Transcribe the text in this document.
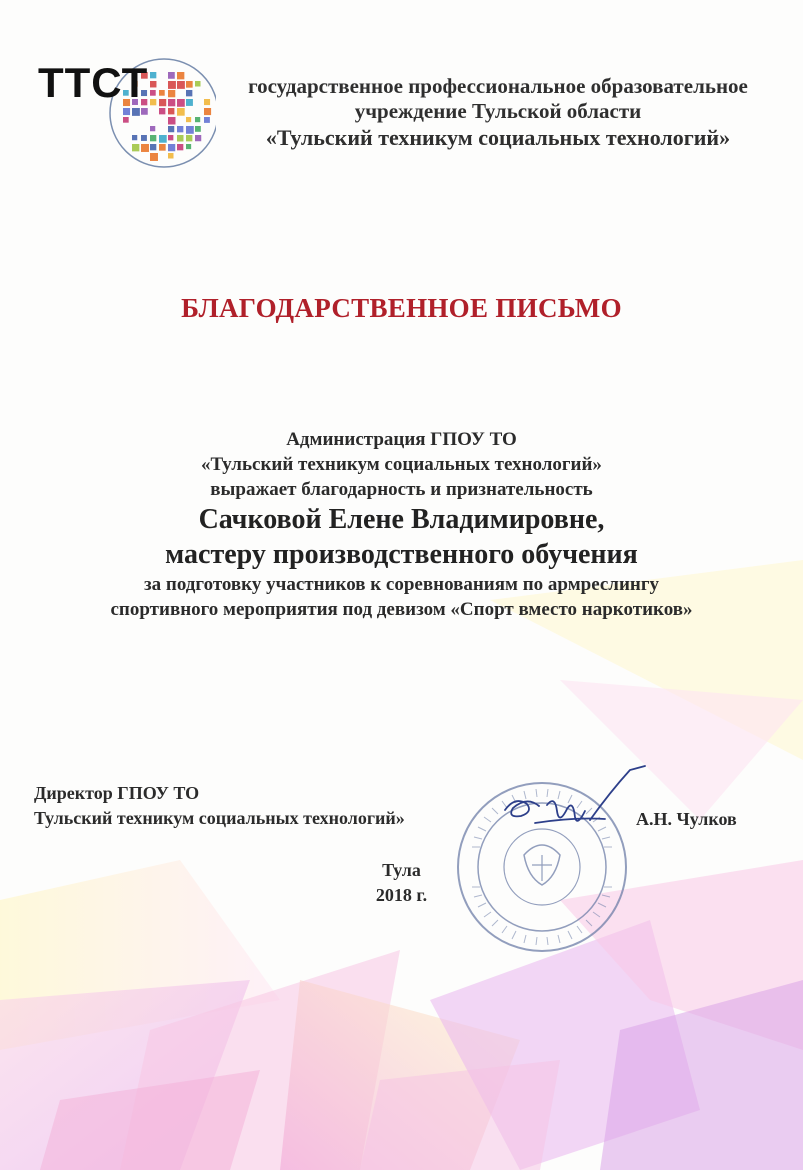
ТТСТ	государственное профессиональное образовательное
учреждение Тульской области
«Тульский техникум социальных технологий»
БЛАГОДАРСТВЕННОЕ ПИСЬМО
Администрация ГПОУ ТО
«Тульский техникум социальных технологий»
выражает благодарность и признательность
Сачковой Елене Владимировне,
мастеру производственного обучения
за подготовку участников к соревнованиям по армреслингу
спортивного мероприятия под девизом «Спорт вместо наркотиков»
Директор ГПОУ ТО
Тульский техникум социальных технологий»	А.Н. Чулков
Тула
2018 г.
